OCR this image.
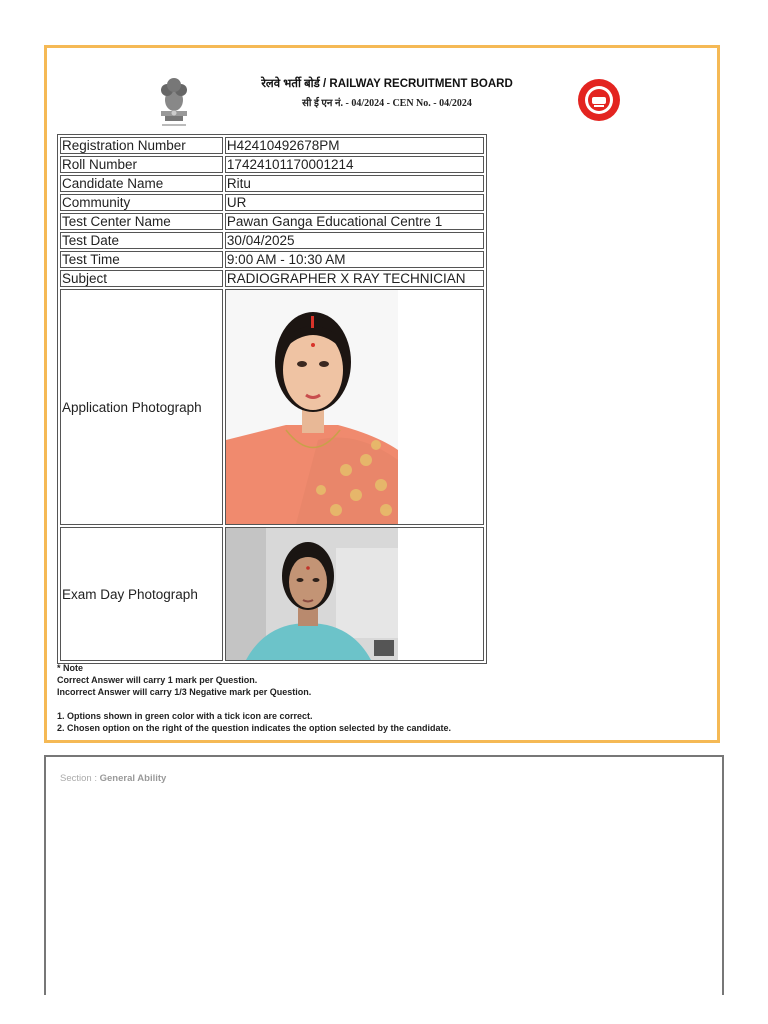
रेलवे भर्ती बोर्ड / RAILWAY RECRUITMENT BOARD
सी ई एन नं. - 04/2024 - CEN No. - 04/2024
Registration Number	H42410492678PM
Roll Number	17424101170001214
Candidate Name	Ritu
Community	UR
Test Center Name	Pawan Ganga Educational Centre 1
Test Date	30/04/2025
Test Time	9:00 AM - 10:30 AM
Subject	RADIOGRAPHER X RAY TECHNICIAN
Application Photograph	

Exam Day Photograph	
* Note
Correct Answer will carry 1 mark per Question.
Incorrect Answer will carry 1/3 Negative mark per Question.
1. Options shown in green color with a tick icon are correct.
2. Chosen option on the right of the question indicates the option selected by the candidate.
Section : General Ability
